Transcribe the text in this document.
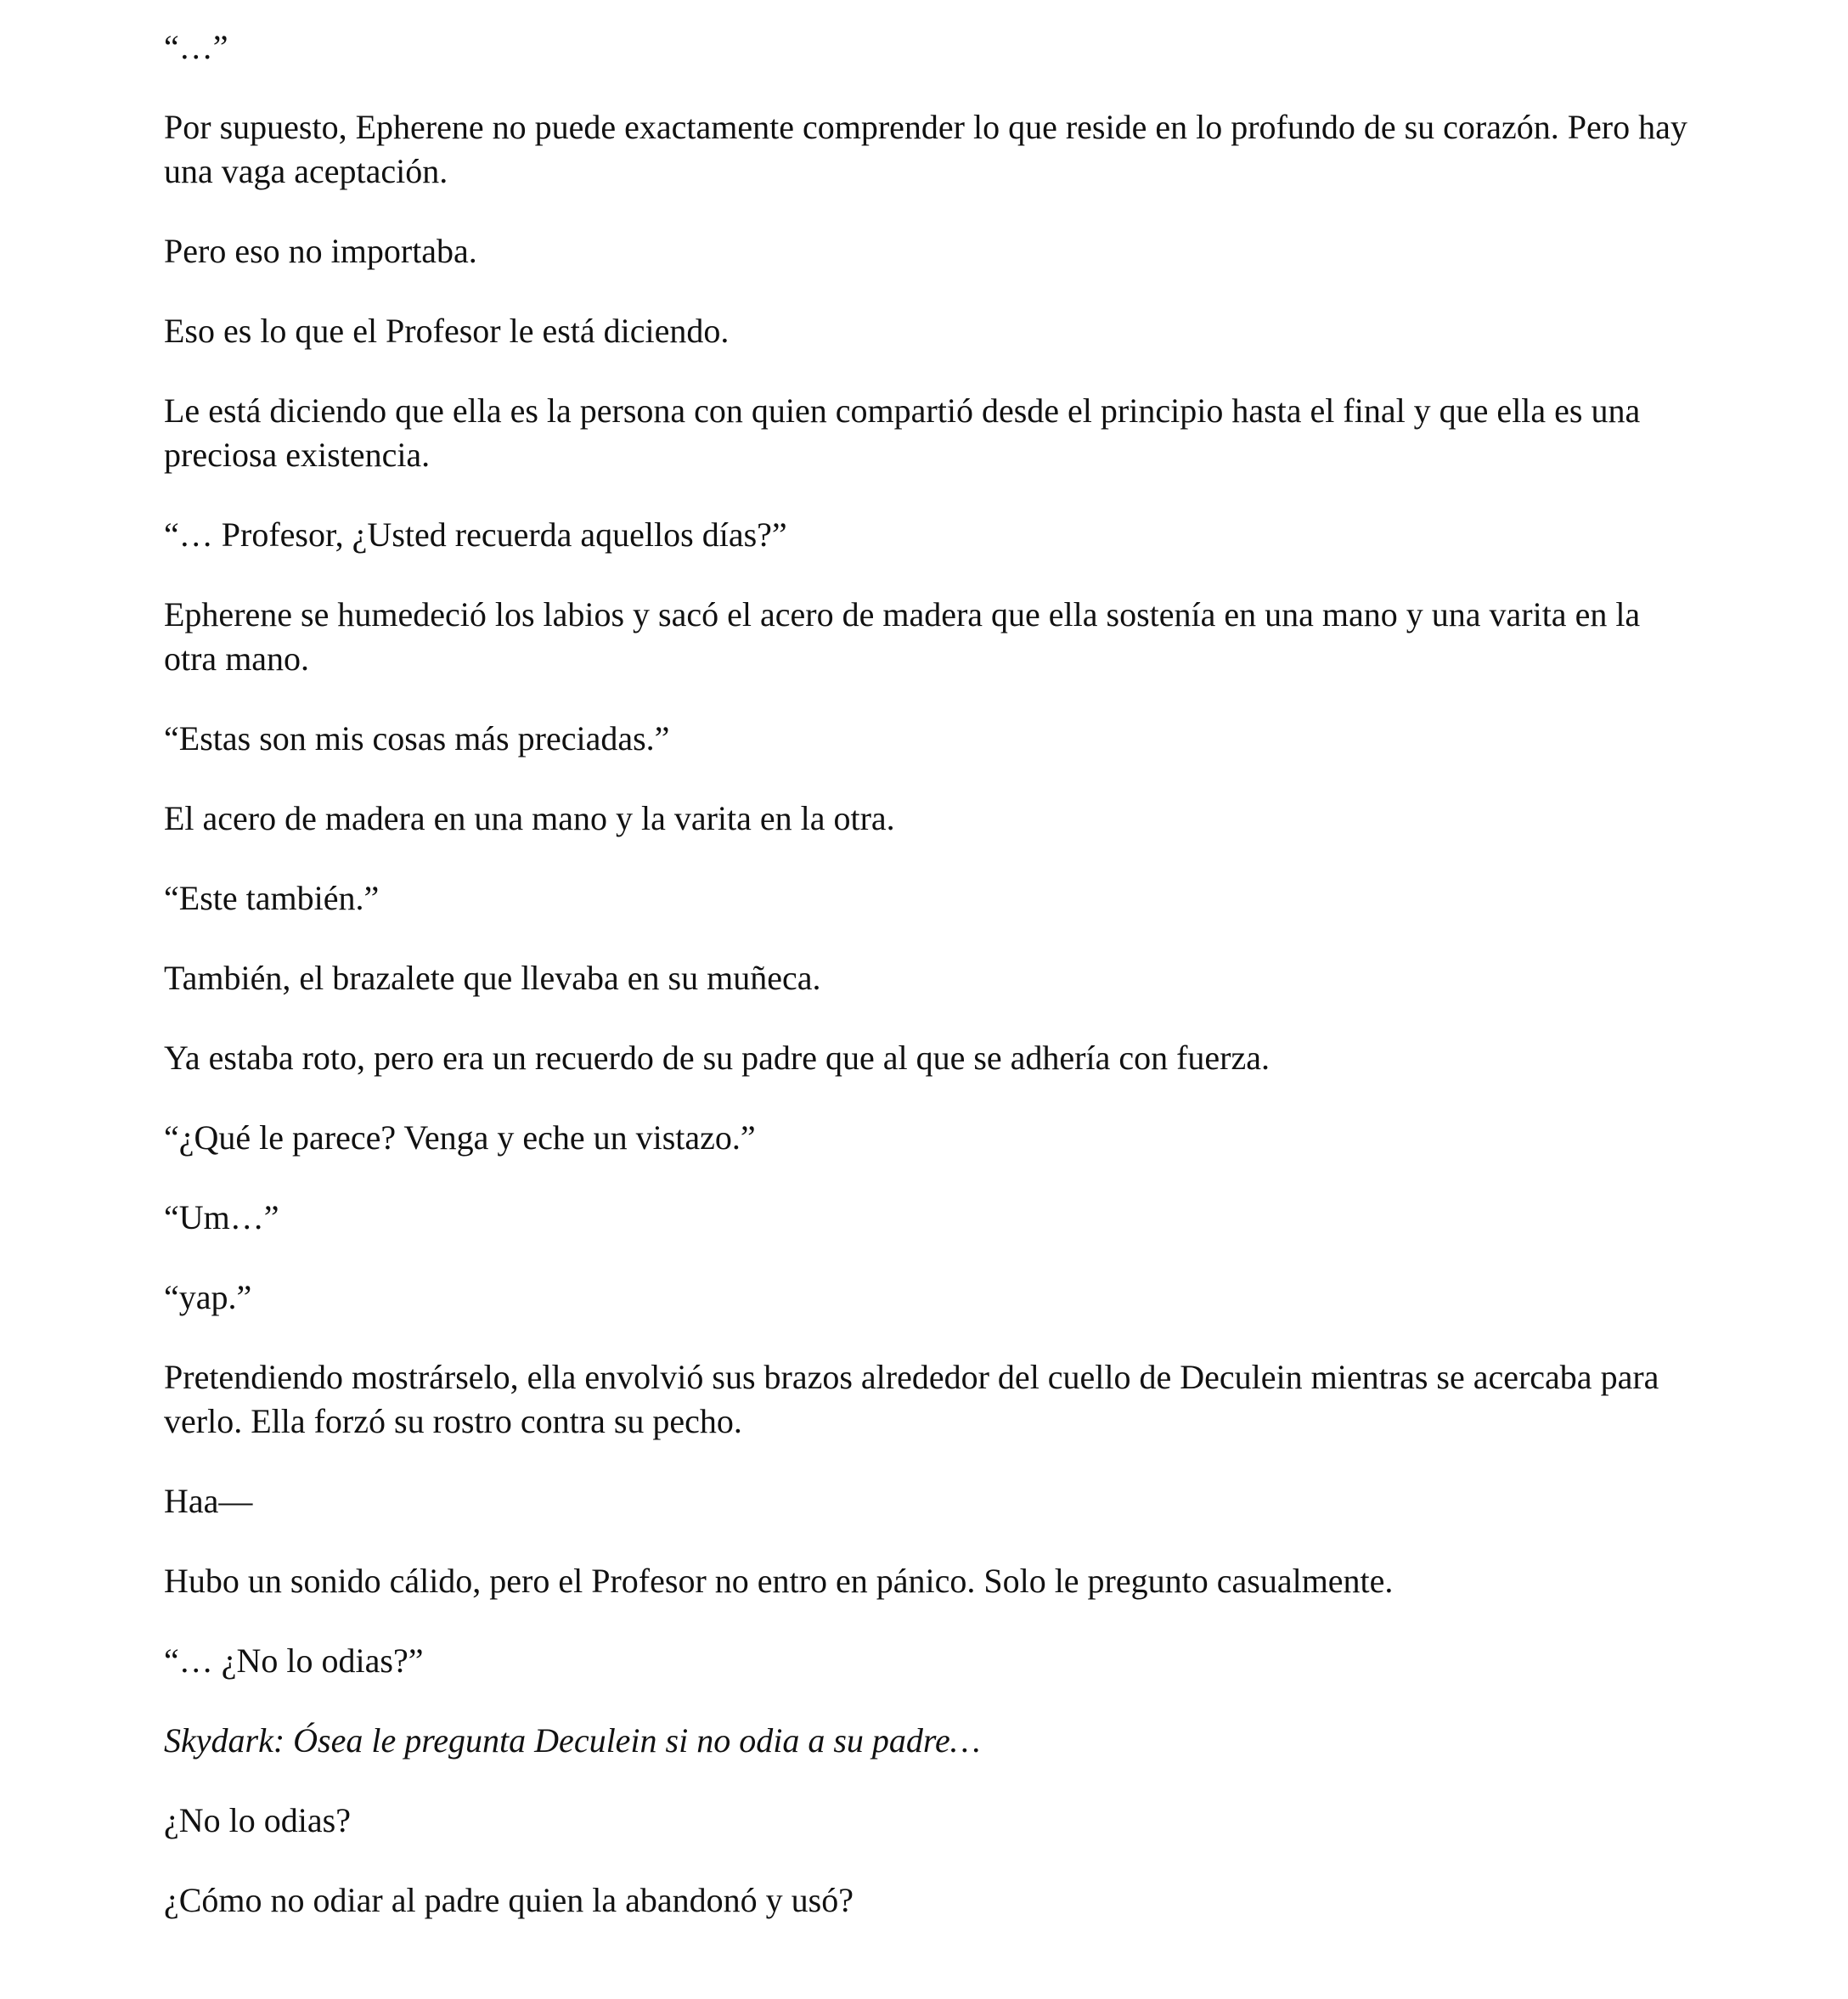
“…”

Por supuesto, Epherene no puede exactamente comprender lo que reside en lo profundo de su corazón. Pero hay una vaga aceptación.

Pero eso no importaba.

Eso es lo que el Profesor le está diciendo.

Le está diciendo que ella es la persona con quien compartió desde el principio hasta el final y que ella es una preciosa existencia.

“… Profesor, ¿Usted recuerda aquellos días?”

Epherene se humedeció los labios y sacó el acero de madera que ella sostenía en una mano y una varita en la otra mano.

“Estas son mis cosas más preciadas.”

El acero de madera en una mano y la varita en la otra.

“Este también.”

También, el brazalete que llevaba en su muñeca.

Ya estaba roto, pero era un recuerdo de su padre que al que se adhería con fuerza.

“¿Qué le parece? Venga y eche un vistazo.”

“Um…”

“yap.”

Pretendiendo mostrárselo, ella envolvió sus brazos alrededor del cuello de Deculein mientras se acercaba para verlo. Ella forzó su rostro contra su pecho.

Haa—

Hubo un sonido cálido, pero el Profesor no entro en pánico. Solo le pregunto casualmente.

“… ¿No lo odias?”

Skydark: Ósea le pregunta Deculein si no odia a su padre…

¿No lo odias?

¿Cómo no odiar al padre quien la abandonó y usó?
